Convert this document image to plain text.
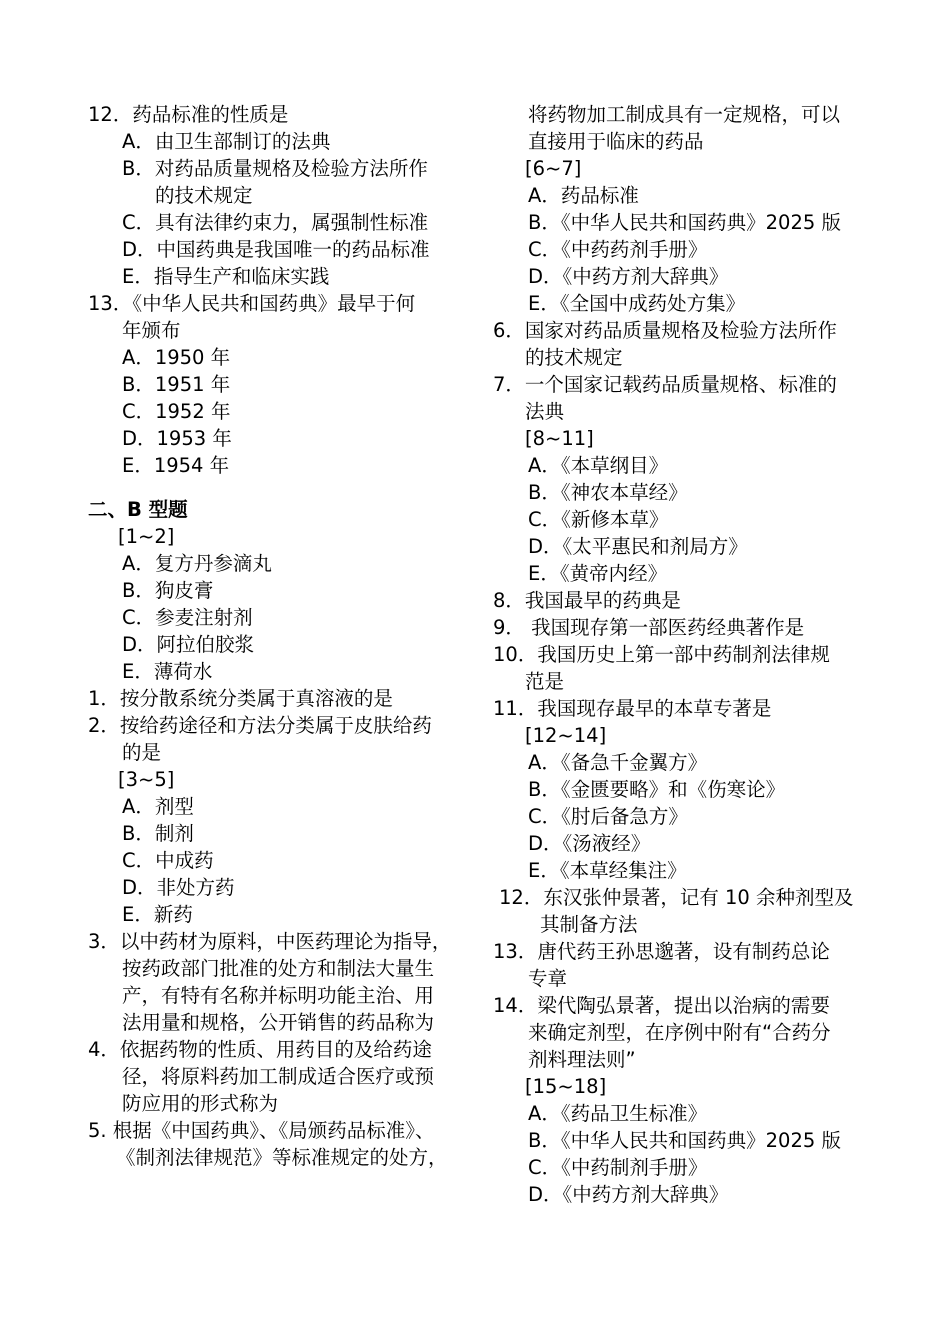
12．药品标准的性质是
A．由卫生部制订的法典
B．对药品质量规格及检验方法所作
的技术规定
C．具有法律约束力，属强制性标准
D．中国药典是我国唯一的药品标准
E．指导生产和临床实践
13．《中华人民共和国药典》最早于何
年颁布
A．1950 年
B．1951 年
C．1952 年
D．1953 年
E．1954 年
二、B 型题
[1~2]
A．复方丹参滴丸
B．狗皮膏
C．参麦注射剂
D．阿拉伯胶浆
E．薄荷水
1．按分散系统分类属于真溶液的是
2．按给药途径和方法分类属于皮肤给药
的是
[3~5]
A．剂型
B．制剂
C．中成药
D．非处方药
E．新药
3．以中药材为原料，中医药理论为指导，
按药政部门批准的处方和制法大量生
产，有特有名称并标明功能主治、用
法用量和规格，公开销售的药品称为
4．依据药物的性质、用药目的及给药途
径，将原料药加工制成适合医疗或预
防应用的形式称为
5. 根据《中国药典》、《局颁药品标准》、
《制剂法律规范》等标准规定的处方，
将药物加工制成具有一定规格，可以
直接用于临床的药品
[6~7]
A．药品标准
B．《中华人民共和国药典》2025 版
C．《中药药剂手册》
D．《中药方剂大辞典》
E．《全国中成药处方集》
6．国家对药品质量规格及检验方法所作
的技术规定
7．一个国家记载药品质量规格、标准的
法典
[8~11]
A．《本草纲目》
B．《神农本草经》
C．《新修本草》
D．《太平惠民和剂局方》
E．《黄帝内经》
8．我国最早的药典是
9． 我国现存第一部医药经典著作是
10．我国历史上第一部中药制剂法律规
范是
11．我国现存最早的本草专著是
[12~14]
A．《备急千金翼方》
B．《金匮要略》和《伤寒论》
C．《肘后备急方》
D．《汤液经》
E．《本草经集注》
12．东汉张仲景著，记有 10 余种剂型及
其制备方法
13．唐代药王孙思邈著，设有制药总论
专章
14．梁代陶弘景著，提出以治病的需要
来确定剂型，在序例中附有“合药分
剂料理法则”
[15~18]
A．《药品卫生标准》
B．《中华人民共和国药典》2025 版
C．《中药制剂手册》
D．《中药方剂大辞典》
